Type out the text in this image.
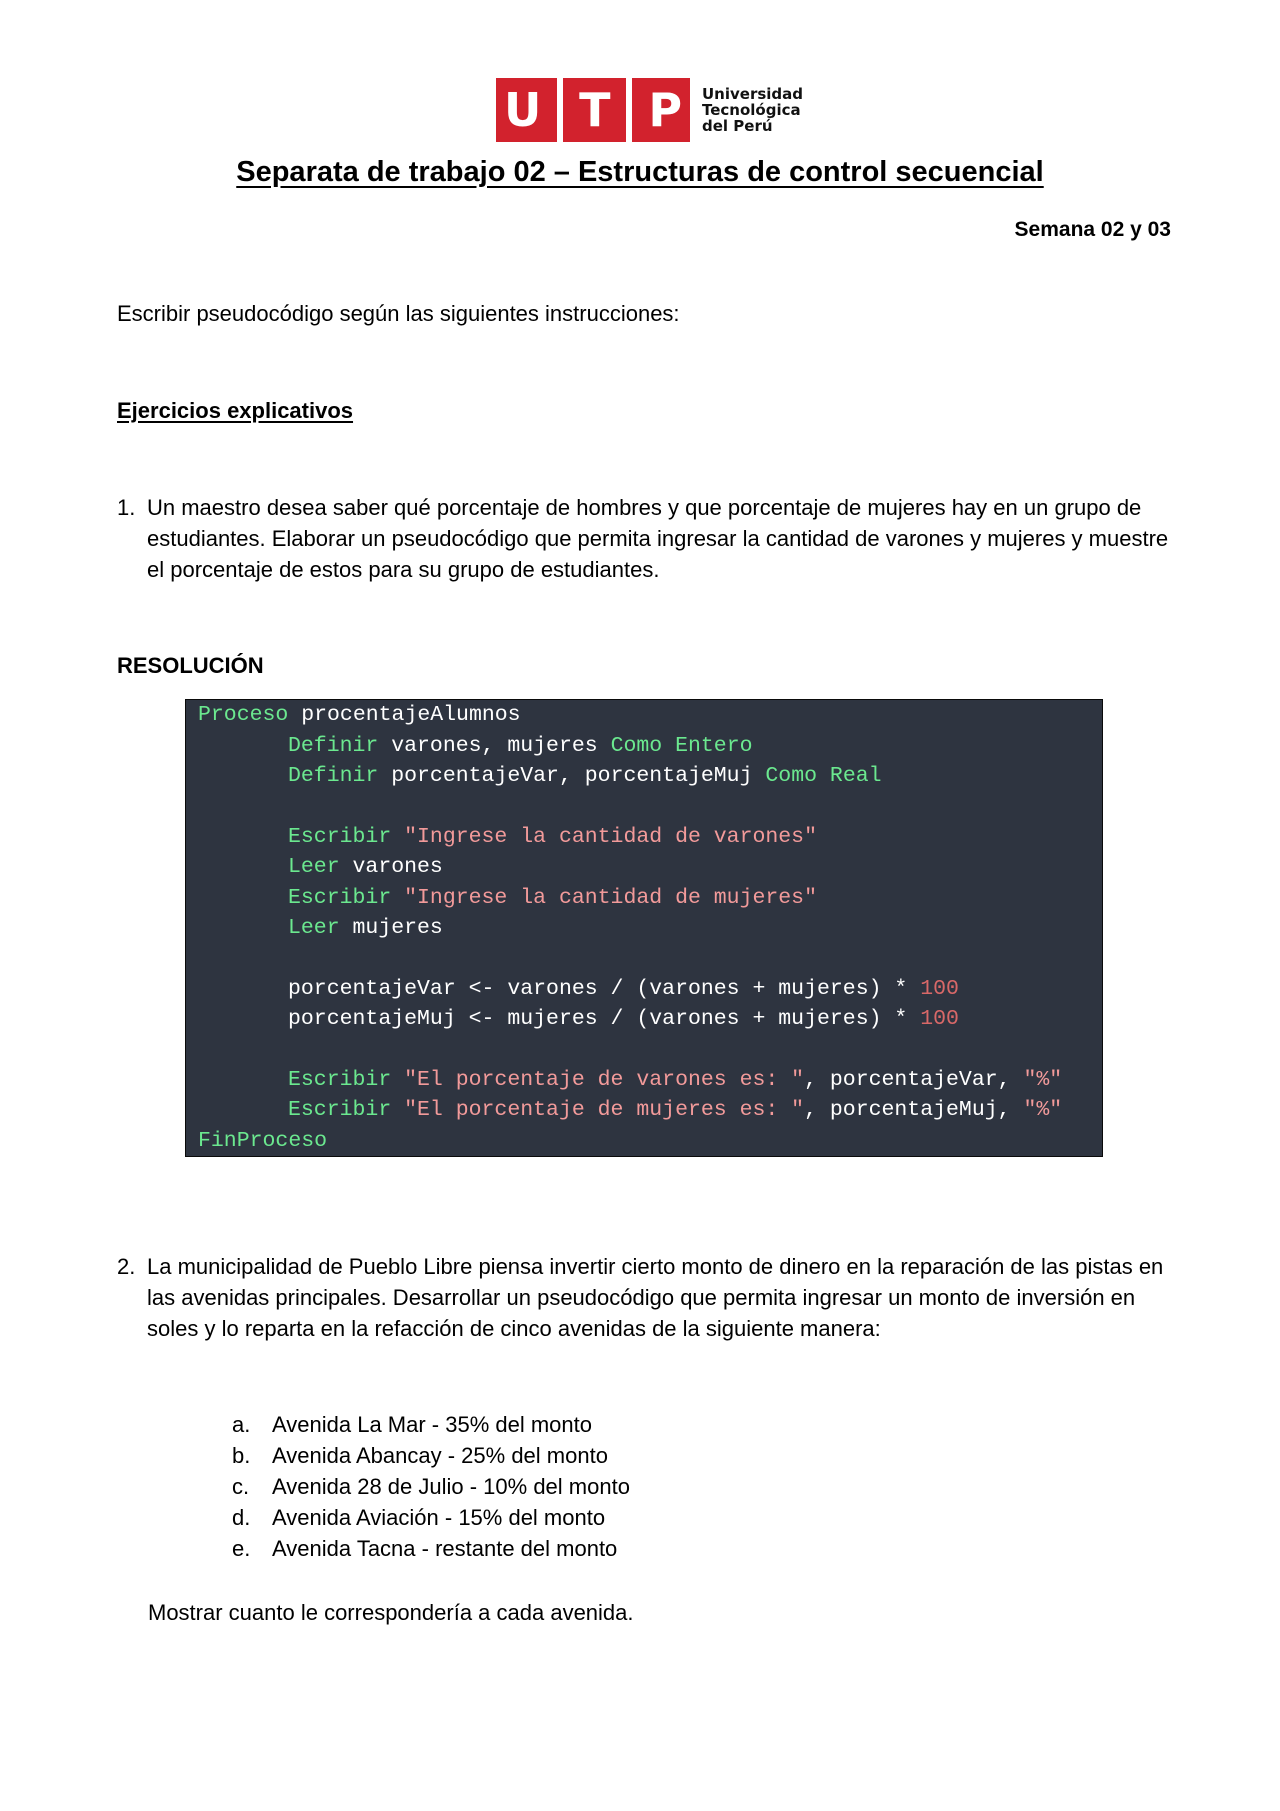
U T P Universidad
Tecnológica
del Perú
Separata de trabajo 02 – Estructuras de control secuencial
Semana 02 y 03
Escribir pseudocódigo según las siguientes instrucciones:
Ejercicios explicativos
1. Un maestro desea saber qué porcentaje de hombres y que porcentaje de mujeres hay en un grupo de estudiantes. Elaborar un pseudocódigo que permita ingresar la cantidad de varones y mujeres y muestre el porcentaje de estos para su grupo de estudiantes.
RESOLUCIÓN
Proceso procentajeAlumnos
Definir varones, mujeres Como Entero
Definir porcentajeVar, porcentajeMuj Como Real
Escribir "Ingrese la cantidad de varones"
Leer varones
Escribir "Ingrese la cantidad de mujeres"
Leer mujeres
porcentajeVar <- varones / (varones + mujeres) * 100
porcentajeMuj <- mujeres / (varones + mujeres) * 100
Escribir "El porcentaje de varones es: ", porcentajeVar, "%"
Escribir "El porcentaje de mujeres es: ", porcentajeMuj, "%"
FinProceso
2. La municipalidad de Pueblo Libre piensa invertir cierto monto de dinero en la reparación de las pistas en las avenidas principales. Desarrollar un pseudocódigo que permita ingresar un monto de inversión en soles y lo reparta en la refacción de cinco avenidas de la siguiente manera:
a. Avenida La Mar - 35% del monto
b. Avenida Abancay - 25% del monto
c.	Avenida 28 de Julio - 10% del monto
d. Avenida Aviación - 15% del monto
e. Avenida Tacna - restante del monto
Mostrar cuanto le correspondería a cada avenida.
